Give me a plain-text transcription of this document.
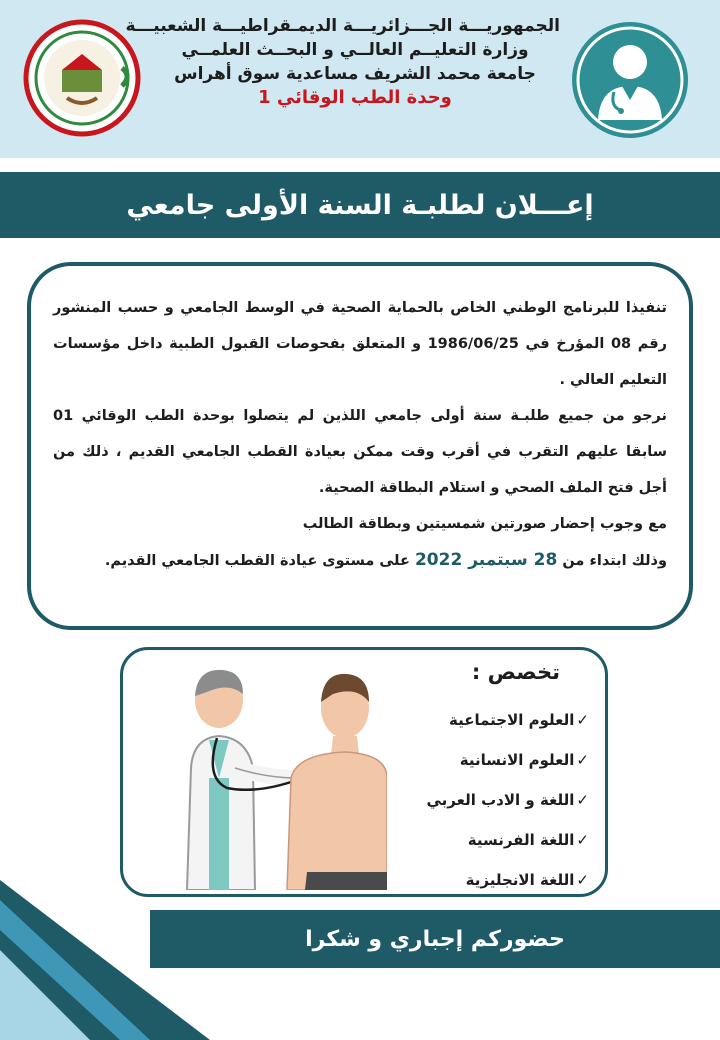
الجمهوريـــة الجـــزائريـــة الديمـقراطيـــة الشعبيـــة
وزارة التعليــم العالــي و البحــث العلمــي
جامعة محمد الشريف مساعدية سوق أهراس
وحدة الطب الوقائي 1
إعـــلان لطلبـة السنة الأولى جامعي

تنفيذا للبرنامج الوطني الخاص بالحماية الصحية في الوسط الجامعي و حسب المنشور رقم 08 المؤرخ في 1986/06/25 و المتعلق بفحوصات القبول الطبية داخل مؤسسات التعليم العالي .

نرجو من جميع طلبـة سنة أولى جامعي اللذين لم يتصلوا بوحدة الطب الوقائي 01 سابقا عليهم التقرب في أقرب وقت ممكن بعيادة القطب الجامعي القديم ، ذلك من أجل فتح الملف الصحي و استلام البطاقة الصحية.

مع وجوب إحضار صورتين شمسيتين وبطاقة الطالب

وذلك ابتداء من 28 سبتمبر 2022 على مستوى عيادة القطب الجامعي القديم.

تخصص :
✓العلوم الاجتماعية
✓العلوم الانسانية
✓اللغة و الادب العربي
✓اللغة الفرنسية
✓اللغة الانجليزية
حضوركم إجباري و شكرا
